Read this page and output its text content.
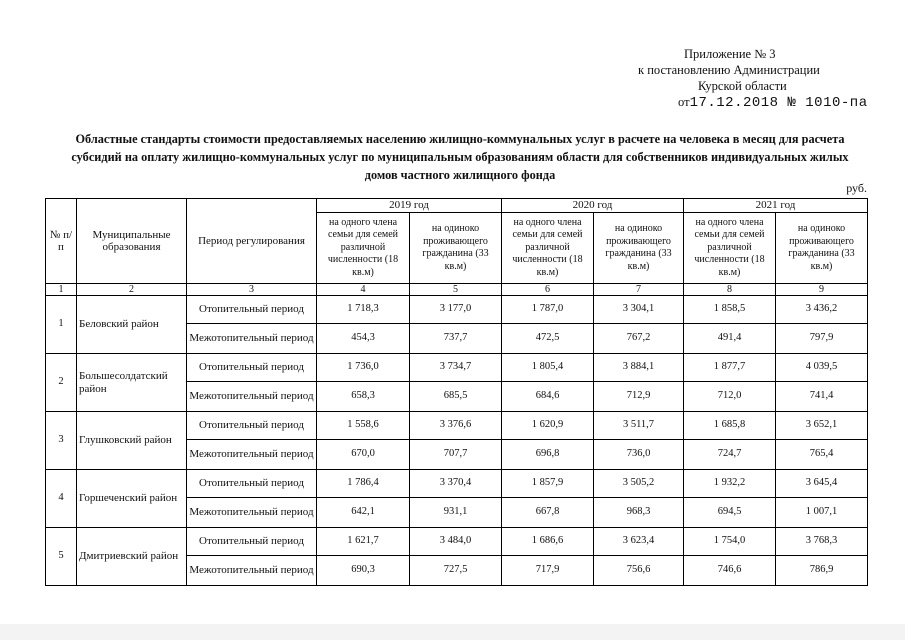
Приложение № 3
к постановлению Администрации
Курской области
от17.12.2018 № 1010-па
Областные стандарты стоимости предоставляемых населению жилищно-коммунальных услуг в расчете на человека в месяц для расчета субсидий на оплату жилищно-коммунальных услуг по муниципальным образованиям области для собственников индивидуальных жилых домов частного жилищного фонда
руб.
№ п/п	Муниципальные образования	Период регулирования	2019 год		2020 год		2021 год	
			на одного члена семьи для семей различной численности (18 кв.м)	на одиноко проживающего гражданина (33 кв.м)	на одного члена семьи для семей различной численности (18 кв.м)	на одиноко проживающего гражданина (33 кв.м)	на одного члена семьи для семей различной численности (18 кв.м)	на одиноко проживающего гражданина (33 кв.м)
1	2	3	4	5	6	7	8	9
1	Беловский район	Отопительный период	1 718,3	3 177,0	1 787,0	3 304,1	1 858,5	3 436,2
		Межотопительный период	454,3	737,7	472,5	767,2	491,4	797,9
2	Большесолдатский район	Отопительный период	1 736,0	3 734,7	1 805,4	3 884,1	1 877,7	4 039,5
		Межотопительный период	658,3	685,5	684,6	712,9	712,0	741,4
3	Глушковский район	Отопительный период	1 558,6	3 376,6	1 620,9	3 511,7	1 685,8	3 652,1
		Межотопительный период	670,0	707,7	696,8	736,0	724,7	765,4
4	Горшеченский район	Отопительный период	1 786,4	3 370,4	1 857,9	3 505,2	1 932,2	3 645,4
		Межотопительный период	642,1	931,1	667,8	968,3	694,5	1 007,1
5	Дмитриевский район	Отопительный период	1 621,7	3 484,0	1 686,6	3 623,4	1 754,0	3 768,3
		Межотопительный период	690,3	727,5	717,9	756,6	746,6	786,9
